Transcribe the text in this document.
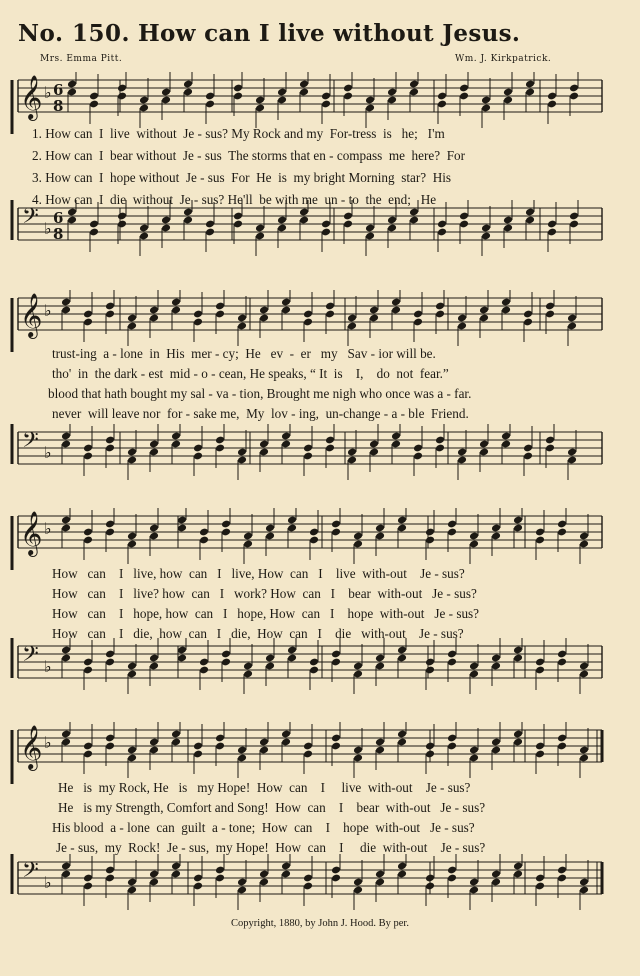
No. 150. How can I live without Jesus.
Mrs. Emma Pitt.	Wm. J. Kirkpatrick.
𝄞 ♭ 6
8
1. How can  I  live  without  Je - sus? My Rock and my  For-tress  is   he;   I'm
2. How can  I  bear without  Je - sus  The storms that en - compass  me  here?  For
3. How can  I  hope without  Je - sus  For  He  is  my bright Morning  star?  His
4. How can  I  die  without  Je - sus? He'll  be with me  un - to  the  end;   He
𝄢 ♭
6
8
𝄞 ♭
trust-ing  a - lone  in  His  mer - cy;  He   ev  -  er   my   Sav - ior will be.
tho'  in  the dark - est  mid - o - cean, He speaks, “ It  is    I,    do  not  fear.”
blood that hath bought my sal - va - tion, Brought me nigh who once was a - far.
never  will leave nor  for - sake me,  My  lov - ing,  un-change - a - ble  Friend.
𝄢 ♭
𝄞 ♭
How   can    I   live, how  can   I   live, How  can   I    live  with-out    Je - sus?
How   can    I   live? how  can   I   work? How  can   I    bear  with-out   Je - sus?
How   can    I   hope, how  can   I   hope, How  can   I    hope  with-out   Je - sus?
How   can    I   die,  how  can   I   die,  How  can   I    die   with-out    Je - sus?
𝄢 ♭
𝄞 ♭
He   is  my Rock, He   is   my Hope!  How  can    I     live  with-out    Je - sus?
He   is my Strength, Comfort and Song!  How  can    I    bear  with-out   Je - sus?
His blood  a - lone  can  guilt  a - tone;  How  can    I    hope  with-out   Je - sus?
Je - sus,  my  Rock!  Je - sus,  my Hope!  How  can    I     die  with-out    Je - sus?
𝄢 ♭
Copyright, 1880, by John J. Hood. By per.
